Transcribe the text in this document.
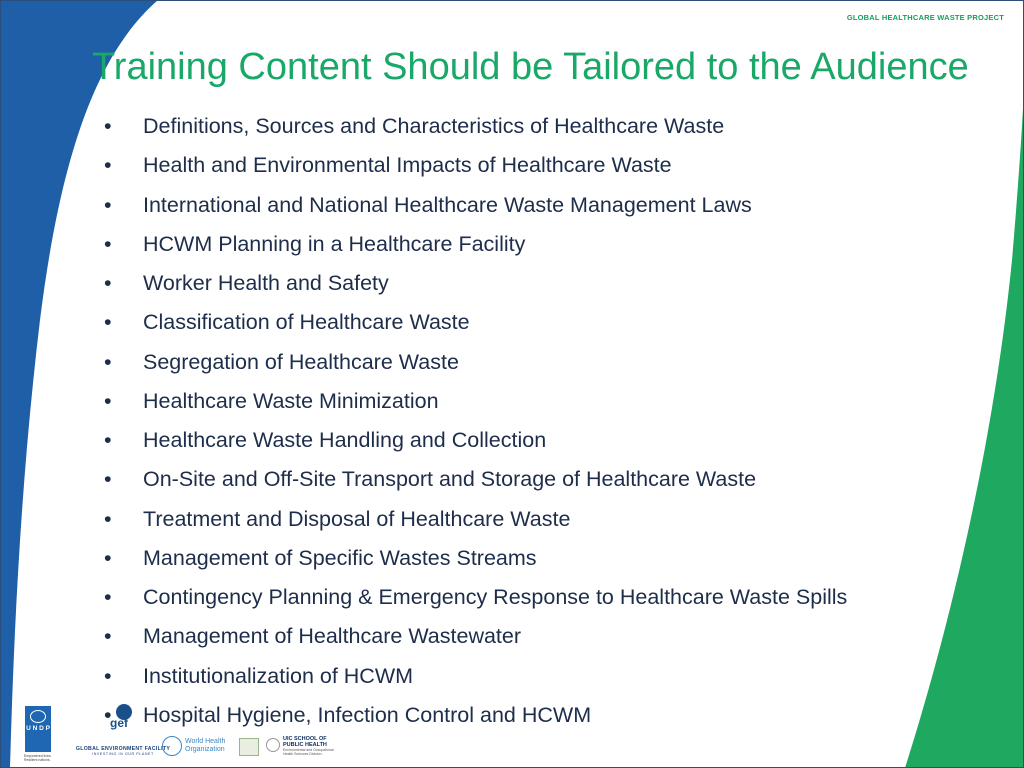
GLOBAL HEALTHCARE WASTE PROJECT
Training Content Should be Tailored to the Audience
•	Definitions, Sources and Characteristics of Healthcare Waste
•	Health and Environmental Impacts of Healthcare Waste
•	International and National Healthcare Waste Management Laws
•	HCWM Planning in a Healthcare Facility
•	Worker Health and Safety
•	Classification of Healthcare Waste
•	Segregation of Healthcare Waste
•	Healthcare Waste Minimization
•	Healthcare Waste Handling and Collection
•	On-Site and Off-Site Transport and Storage of Healthcare Waste
•	Treatment and Disposal of Healthcare Waste
•	Management of Specific Wastes Streams
•	Contingency Planning & Emergency Response to Healthcare Waste Spills
•	Management of Healthcare Wastewater
•	Institutionalization of HCWM
•	Hospital Hygiene, Infection Control and HCWM
U N D P
Empowered lives. Resilient nations.
gef
GLOBAL ENVIRONMENT FACILITY
INVESTING IN OUR PLANET
World Health
Organization
UIC SCHOOL OF
PUBLIC HEALTH
Environmental and Occupational Health Sciences Division
